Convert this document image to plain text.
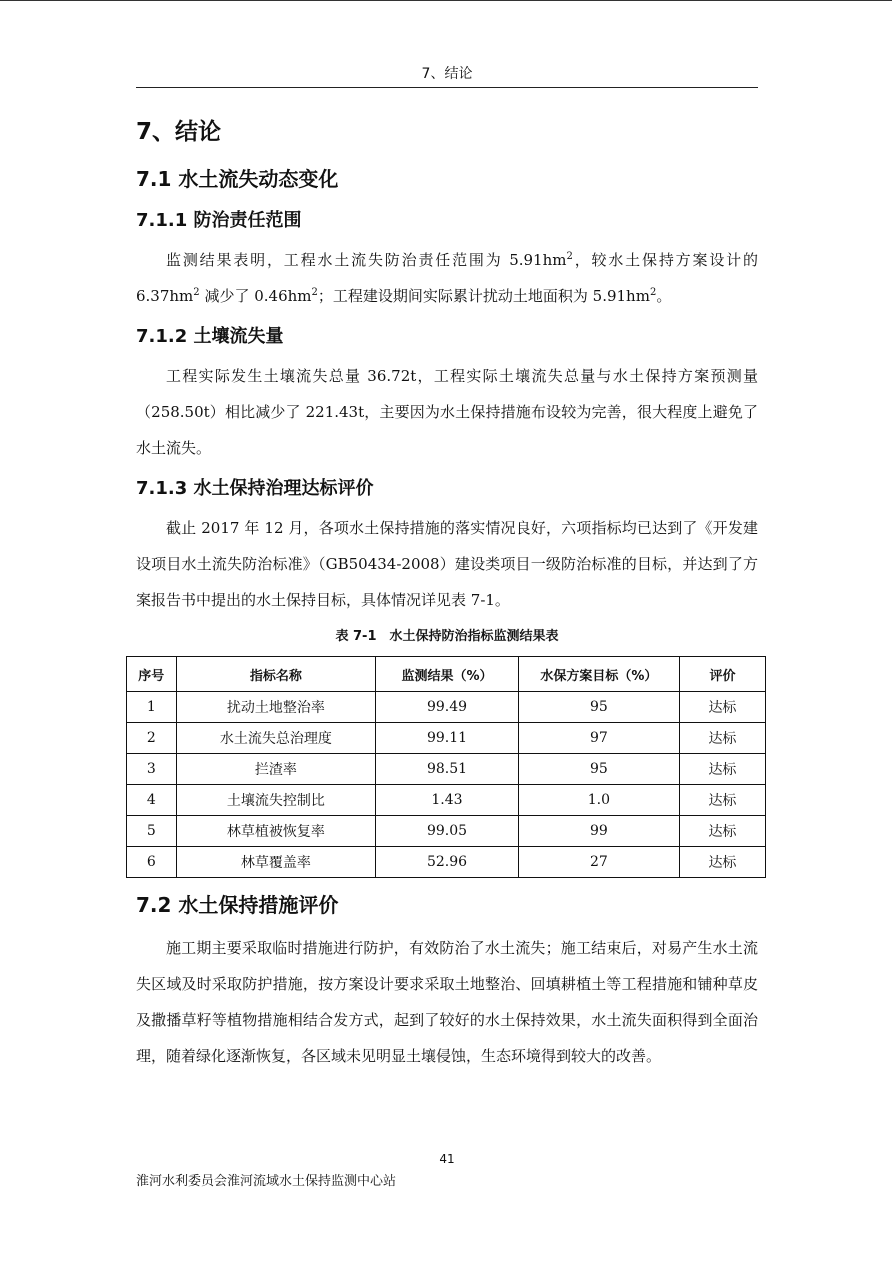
7、结论
7、结论
7.1 水土流失动态变化
7.1.1 防治责任范围

监测结果表明，工程水土流失防治责任范围为 $5.91hm^2$，较水土保持方案设计的 $6.37hm^2$ 减少了 $0.46hm^2$；工程建设期间实际累计扰动土地面积为 $5.91hm^2$。

7.1.2 土壤流失量

工程实际发生土壤流失总量 36.72t，工程实际土壤流失总量与水土保持方案预测量（258.50t）相比减少了 221.43t，主要因为水土保持措施布设较为完善，很大程度上避免了水土流失。

7.1.3 水土保持治理达标评价

截止 2017 年 12 月，各项水土保持措施的落实情况良好，六项指标均已达到了《开发建设项目水土流失防治标准》（GB50434-2008）建设类项目一级防治标准的目标，并达到了方案报告书中提出的水土保持目标，具体情况详见表 7-1。

表 7-1　水土保持防治指标监测结果表
序号	指标名称	监测结果（%）	水保方案目标（%）	评价
1	扰动土地整治率	99.49	95	达标
2	水土流失总治理度	99.11	97	达标
3	拦渣率	98.51	95	达标
4	土壤流失控制比	1.43	1.0	达标
5	林草植被恢复率	99.05	99	达标
6	林草覆盖率	52.96	27	达标
7.2 水土保持措施评价

施工期主要采取临时措施进行防护，有效防治了水土流失；施工结束后，对易产生水土流失区域及时采取防护措施，按方案设计要求采取土地整治、回填耕植土等工程措施和铺种草皮及撒播草籽等植物措施相结合发方式，起到了较好的水土保持效果，水土流失面积得到全面治理，随着绿化逐渐恢复，各区域未见明显土壤侵蚀，生态环境得到较大的改善。

41
淮河水利委员会淮河流域水土保持监测中心站
